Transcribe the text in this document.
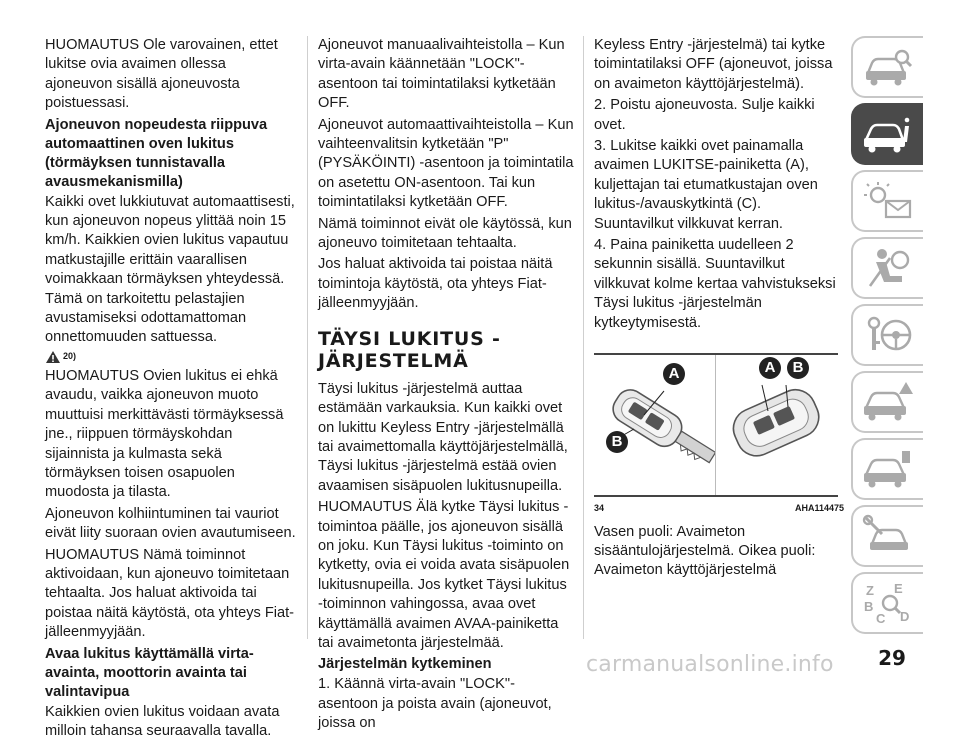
HUOMAUTUS Ole varovainen, ettet lukitse ovia avaimen ollessa ajoneuvon sisällä ajoneuvosta poistuessasi.

Ajoneuvon nopeudesta riippuva automaattinen oven lukitus (törmäyksen tunnistavalla avausmekanismilla)

Kaikki ovet lukkiutuvat automaattisesti, kun ajoneuvon nopeus ylittää noin 15 km/h. Kaikkien ovien lukitus vapautuu matkustajille erittäin vaarallisen voimakkaan törmäyksen yhteydessä. Tämä on tarkoitettu pelastajien avustamiseksi odottamattoman onnettomuuden sattuessa.

20)

HUOMAUTUS Ovien lukitus ei ehkä avaudu, vaikka ajoneuvon muoto muuttuisi merkittävästi törmäyksessä jne., riippuen törmäyskohdan sijainnista ja kulmasta sekä törmäyksen toisen osapuolen muodosta ja tilasta.

Ajoneuvon kolhiintuminen tai vauriot eivät liity suoraan ovien avautumiseen.

HUOMAUTUS Nämä toiminnot aktivoidaan, kun ajoneuvo toimitetaan tehtaalta. Jos haluat aktivoida tai poistaa näitä käytöstä, ota yhteys Fiat-jälleenmyyjään.

Avaa lukitus käyttämällä virta-avainta, moottorin avainta tai valintavipua

Kaikkien ovien lukitus voidaan avata milloin tahansa seuraavalla tavalla.

Ajoneuvot manuaalivaihteistolla – Kun virta-avain käännetään "LOCK"-asentoon tai toimintatilaksi kytketään OFF.

Ajoneuvot automaattivaihteistolla – Kun vaihteenvalitsin kytketään "P" (PYSÄKÖINTI) -asentoon ja toimintatila on asetettu ON-asentoon. Tai kun toimintatilaksi kytketään OFF.

Nämä toiminnot eivät ole käytössä, kun ajoneuvo toimitetaan tehtaalta.

Jos haluat aktivoida tai poistaa näitä toimintoja käytöstä, ota yhteys Fiat-jälleenmyyjään.

TÄYSI LUKITUS -JÄRJESTELMÄ

Täysi lukitus -järjestelmä auttaa estämään varkauksia. Kun kaikki ovet on lukittu Keyless Entry -järjestelmällä tai avaimettomalla käyttöjärjestelmällä, Täysi lukitus -järjestelmä estää ovien avaamisen sisäpuolen lukitusnupeilla.

HUOMAUTUS Älä kytke Täysi lukitus -toimintoa päälle, jos ajoneuvon sisällä on joku. Kun Täysi lukitus -toiminto on kytketty, ovia ei voida avata sisäpuolen lukitusnupeilla. Jos kytket Täysi lukitus -toiminnon vahingossa, avaa ovet käyttämällä avaimen AVAA-painiketta tai avaimetonta järjestelmää.

Järjestelmän kytkeminen

1. Käännä virta-avain "LOCK"-asentoon ja poista avain (ajoneuvot, joissa on

Keyless Entry -järjestelmä) tai kytke toimintatilaksi OFF (ajoneuvot, joissa on avaimeton käyttöjärjestelmä).

2. Poistu ajoneuvosta. Sulje kaikki ovet.

3. Lukitse kaikki ovet painamalla avaimen LUKITSE-painiketta (A), kuljettajan tai etumatkustajan oven lukitus-/avauskytkintä (C). Suuntavilkut vilkkuvat kerran.

4. Paina painiketta uudelleen 2 sekunnin sisällä. Suuntavilkut vilkkuvat kolme kertaa vahvistukseksi Täysi lukitus -järjestelmän kytkeytymisestä.

A
B
A	B
34	AHA114475

Vasen puoli: Avaimeton sisääntulojärjestelmä. Oikea puoli: Avaimeton käyttöjärjestelmä

Z E
B
C D
carmanualsonline.info	29
